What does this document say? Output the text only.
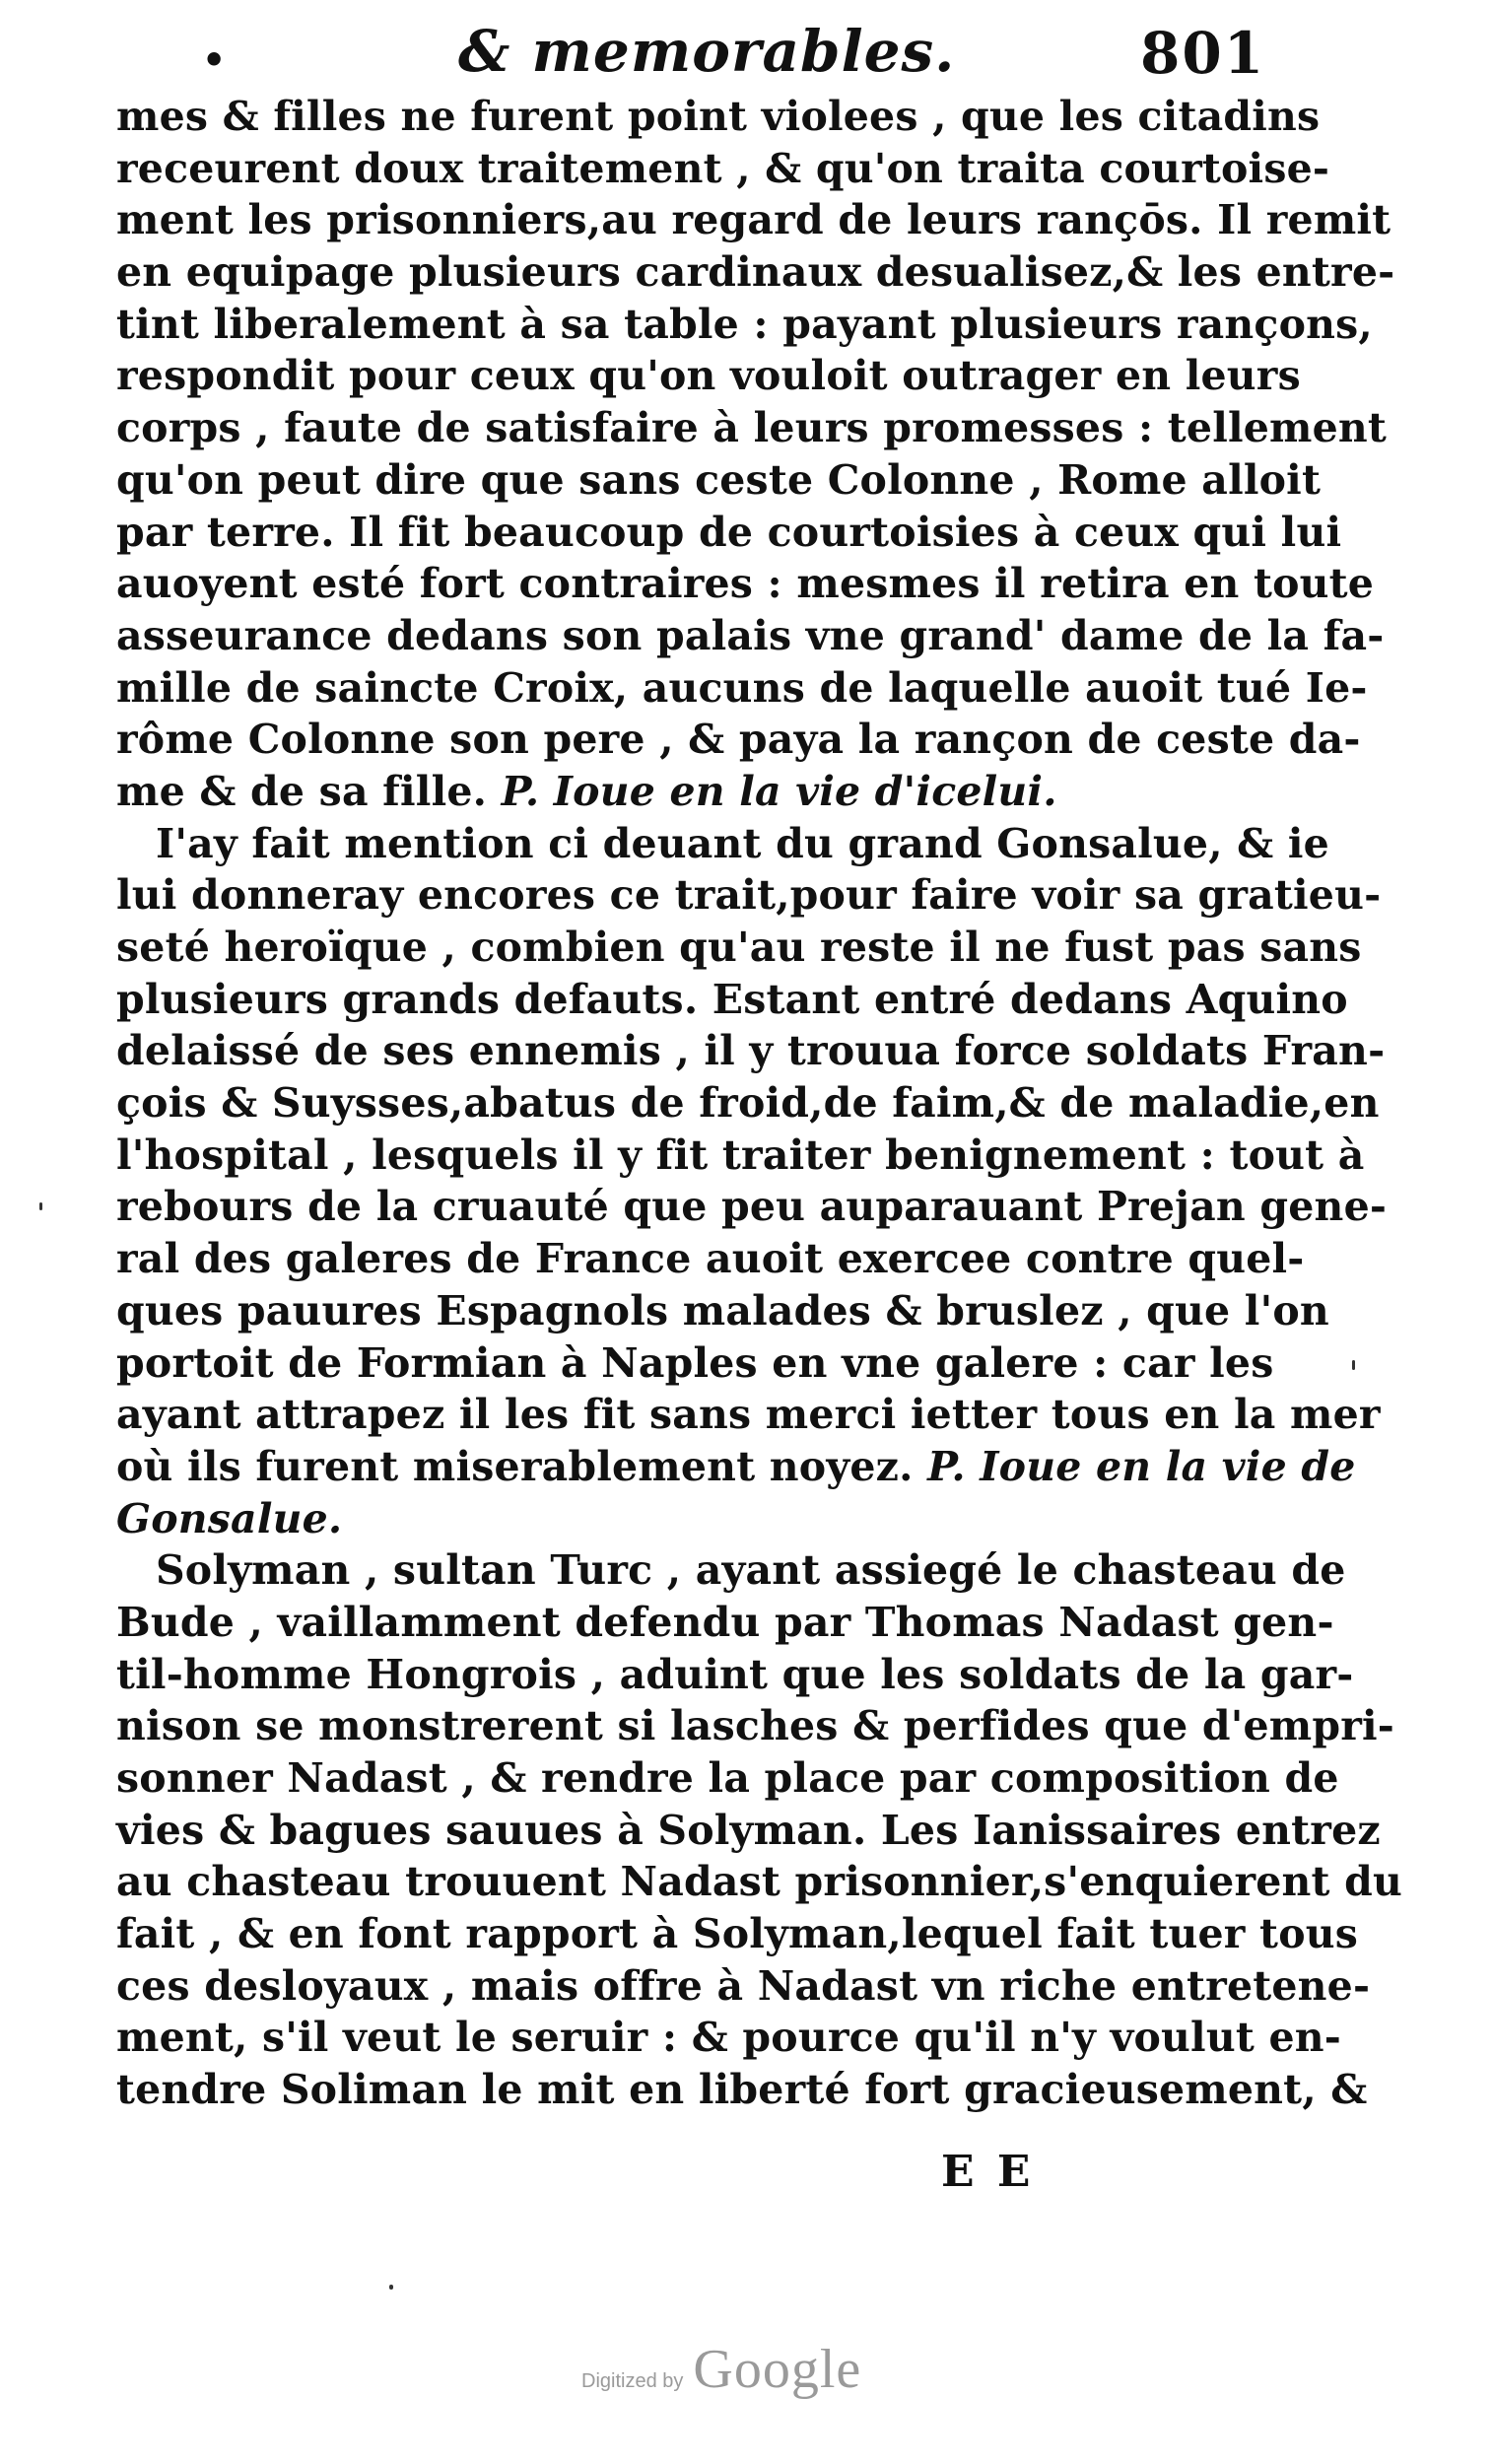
•	& memorables.	801
mes & filles ne furent point violees , que les citadins
receurent doux traitement , & qu'on traita courtoise-
ment les prisonniers,au regard de leurs rançōs. Il remit
en equipage plusieurs cardinaux desualisez,& les entre-
tint liberalement à sa table : payant plusieurs rançons,
respondit pour ceux qu'on vouloit outrager en leurs
corps , faute de satisfaire à leurs promesses : tellement
qu'on peut dire que sans ceste Colonne , Rome alloit
par terre. Il fit beaucoup de courtoisies à ceux qui lui
auoyent esté fort contraires : mesmes il retira en toute
asseurance dedans son palais vne grand' dame de la fa-
mille de saincte Croix, aucuns de laquelle auoit tué Ie-
rôme Colonne son pere , & paya la rançon de ceste da-
me & de sa fille. P. Ioue en la vie d'icelui.
I'ay fait mention ci deuant du grand Gonsalue, & ie
lui donneray encores ce trait,pour faire voir sa gratieu-
seté heroïque , combien qu'au reste il ne fust pas sans
plusieurs grands defauts. Estant entré dedans Aquino
delaissé de ses ennemis , il y trouua force soldats Fran-
çois & Suysses,abatus de froid,de faim,& de maladie,en
l'hospital , lesquels il y fit traiter benignement : tout à
rebours de la cruauté que peu auparauant Prejan gene-
ral des galeres de France auoit exercee contre quel-
ques pauures Espagnols malades & bruslez , que l'on
portoit de Formian à Naples en vne galere : car les
ayant attrapez il les fit sans merci ietter tous en la mer
où ils furent miserablement noyez. P. Ioue en la vie de
Gonsalue.
Solyman , sultan Turc , ayant assiegé le chasteau de
Bude , vaillamment defendu par Thomas Nadast gen-
til-homme Hongrois , aduint que les soldats de la gar-
nison se monstrerent si lasches & perfides que d'empri-
sonner Nadast , & rendre la place par composition de
vies & bagues sauues à Solyman. Les Ianissaires entrez
au chasteau trouuent Nadast prisonnier,s'enquierent du
fait , & en font rapport à Solyman,lequel fait tuer tous
ces desloyaux , mais offre à Nadast vn riche entretene-
ment, s'il veut le seruir : & pource qu'il n'y voulut en-
tendre Soliman le mit en liberté fort gracieusement, &
E E
Digitized by Google
